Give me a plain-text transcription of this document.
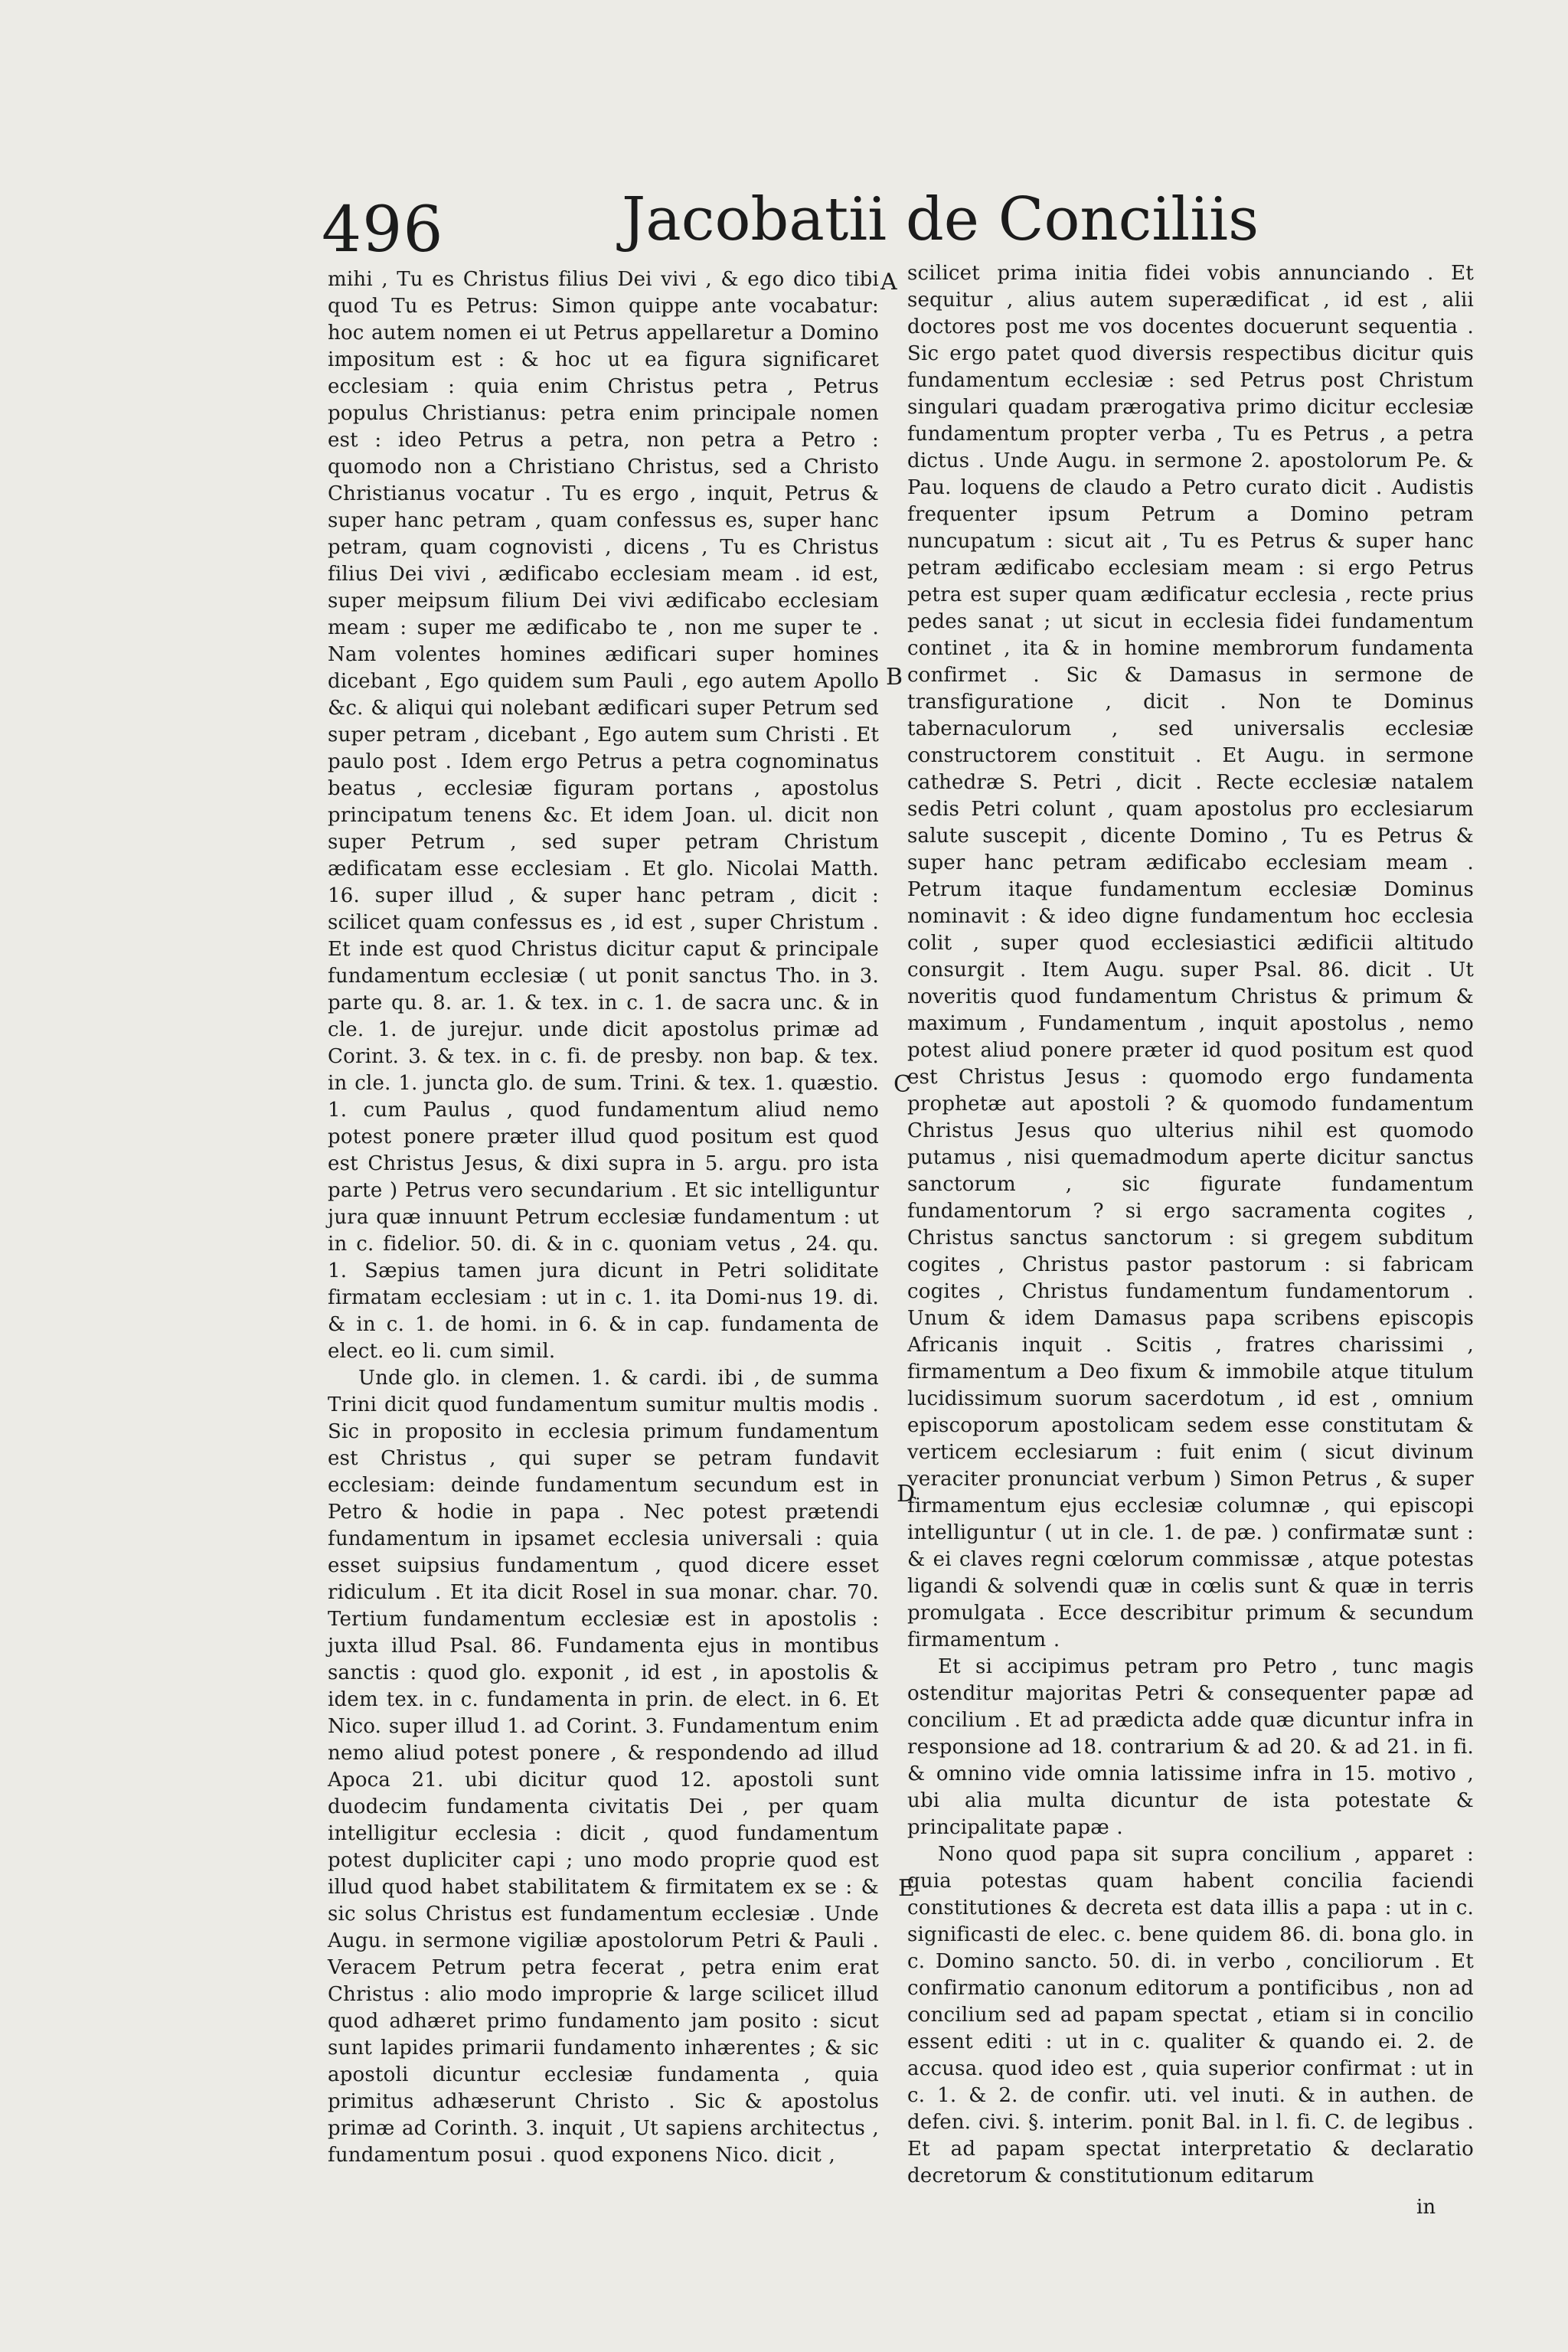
496	Jacobatii de Conciliis

mihi , Tu es Christus filius Dei vivi , & ego dico tibi quod Tu es Petrus: Simon quippe ante vocabatur: hoc autem nomen ei ut Petrus appellaretur a Domino impositum est : & hoc ut ea figura significaret ecclesiam : quia enim Christus petra , Petrus populus Christianus: petra enim principale nomen est : ideo Petrus a petra, non petra a Petro : quomodo non a Christiano Christus, sed a Christo Christianus vocatur . Tu es ergo , inquit, Petrus & super hanc petram , quam confessus es, super hanc petram, quam cognovisti , dicens , Tu es Christus filius Dei vivi , ædificabo ecclesiam meam . id est, super meipsum filium Dei vivi ædificabo ecclesiam meam : super me ædificabo te , non me super te . Nam volentes homines ædificari super homines dicebant , Ego quidem sum Pauli , ego autem Apollo &c. & aliqui qui nolebant ædificari super Petrum sed super petram , dicebant , Ego autem sum Christi . Et paulo post . Idem ergo Petrus a petra cognominatus beatus , ecclesiæ figuram portans , apostolus principatum tenens &c. Et idem Joan. ul. dicit non super Petrum , sed super petram Christum ædificatam esse ecclesiam . Et glo. Nicolai Matth. 16. super illud , & super hanc petram , dicit : scilicet quam confessus es , id est , super Christum . Et inde est quod Christus dicitur caput & principale fundamentum ecclesiæ ( ut ponit sanctus Tho. in 3. parte qu. 8. ar. 1. & tex. in c. 1. de sacra unc. & in cle. 1. de jurejur. unde dicit apostolus primæ ad Corint. 3. & tex. in c. fi. de presby. non bap. & tex. in cle. 1. juncta glo. de sum. Trini. & tex. 1. quæstio. 1. cum Paulus , quod fundamentum aliud nemo potest ponere præter illud quod positum est quod est Christus Jesus, & dixi supra in 5. argu. pro ista parte ) Petrus vero secundarium . Et sic intelliguntur jura quæ innuunt Petrum ecclesiæ fundamentum : ut in c. fidelior. 50. di. & in c. quoniam vetus , 24. qu. 1. Sæpius tamen jura dicunt in Petri soliditate firmatam ecclesiam : ut in c. 1. ita Domi-nus 19. di. & in c. 1. de homi. in 6. & in cap. fundamenta de elect. eo li. cum simil.

Unde glo. in clemen. 1. & cardi. ibi , de summa Trini dicit quod fundamentum sumitur multis modis . Sic in proposito in ecclesia primum fundamentum est Christus , qui super se petram fundavit ecclesiam: deinde fundamentum secundum est in Petro & hodie in papa . Nec potest prætendi fundamentum in ipsamet ecclesia universali : quia esset suipsius fundamentum , quod dicere esset ridiculum . Et ita dicit Rosel in sua monar. char. 70. Tertium fundamentum ecclesiæ est in apostolis : juxta illud Psal. 86. Fundamenta ejus in montibus sanctis : quod glo. exponit , id est , in apostolis & idem tex. in c. fundamenta in prin. de elect. in 6. Et Nico. super illud 1. ad Corint. 3. Fundamentum enim nemo aliud potest ponere , & respondendo ad illud Apoca 21. ubi dicitur quod 12. apostoli sunt duodecim fundamenta civitatis Dei , per quam intelligitur ecclesia : dicit , quod fundamentum potest dupliciter capi ; uno modo proprie quod est illud quod habet stabilitatem & firmitatem ex se : & sic solus Christus est fundamentum ecclesiæ . Unde Augu. in sermone vigiliæ apostolorum Petri & Pauli . Veracem Petrum petra fecerat , petra enim erat Christus : alio modo improprie & large scilicet illud quod adhæret primo fundamento jam posito : sicut sunt lapides primarii fundamento inhærentes ; & sic apostoli dicuntur ecclesiæ fundamenta , quia primitus adhæserunt Christo . Sic & apostolus primæ ad Corinth. 3. inquit , Ut sapiens architectus , fundamentum posui . quod exponens Nico. dicit ,

A
B
C
D
E

scilicet prima initia fidei vobis annunciando . Et sequitur , alius autem superædificat , id est , alii doctores post me vos docentes docuerunt sequentia . Sic ergo patet quod diversis respectibus dicitur quis fundamentum ecclesiæ : sed Petrus post Christum singulari quadam prærogativa primo dicitur ecclesiæ fundamentum propter verba , Tu es Petrus , a petra dictus . Unde Augu. in sermone 2. apostolorum Pe. & Pau. loquens de claudo a Petro curato dicit . Audistis frequenter ipsum Petrum a Domino petram nuncupatum : sicut ait , Tu es Petrus & super hanc petram ædificabo ecclesiam meam : si ergo Petrus petra est super quam ædificatur ecclesia , recte prius pedes sanat ; ut sicut in ecclesia fidei fundamentum continet , ita & in homine membrorum fundamenta confirmet . Sic & Damasus in sermone de transfiguratione , dicit . Non te Dominus tabernaculorum , sed universalis ecclesiæ constructorem constituit . Et Augu. in sermone cathedræ S. Petri , dicit . Recte ecclesiæ natalem sedis Petri colunt , quam apostolus pro ecclesiarum salute suscepit , dicente Domino , Tu es Petrus & super hanc petram ædificabo ecclesiam meam . Petrum itaque fundamentum ecclesiæ Dominus nominavit : & ideo digne fundamentum hoc ecclesia colit , super quod ecclesiastici ædificii altitudo consurgit . Item Augu. super Psal. 86. dicit . Ut noveritis quod fundamentum Christus & primum & maximum , Fundamentum , inquit apostolus , nemo potest aliud ponere præter id quod positum est quod est Christus Jesus : quomodo ergo fundamenta prophetæ aut apostoli ? & quomodo fundamentum Christus Jesus quo ulterius nihil est quomodo putamus , nisi quemadmodum aperte dicitur sanctus sanctorum , sic figurate fundamentum fundamentorum ? si ergo sacramenta cogites , Christus sanctus sanctorum : si gregem subditum cogites , Christus pastor pastorum : si fabricam cogites , Christus fundamentum fundamentorum . Unum & idem Damasus papa scribens episcopis Africanis inquit . Scitis , fratres charissimi , firmamentum a Deo fixum & immobile atque titulum lucidissimum suorum sacerdotum , id est , omnium episcoporum apostolicam sedem esse constitutam & verticem ecclesiarum : fuit enim ( sicut divinum veraciter pronunciat verbum ) Simon Petrus , & super firmamentum ejus ecclesiæ columnæ , qui episcopi intelliguntur ( ut in cle. 1. de pæ. ) confirmatæ sunt : & ei claves regni cœlorum commissæ , atque potestas ligandi & solvendi quæ in cœlis sunt & quæ in terris promulgata . Ecce describitur primum & secundum firmamentum .

Et si accipimus petram pro Petro , tunc magis ostenditur majoritas Petri & consequenter papæ ad concilium . Et ad prædicta adde quæ dicuntur infra in responsione ad 18. contrarium & ad 20. & ad 21. in fi. & omnino vide omnia latissime infra in 15. motivo , ubi alia multa dicuntur de ista potestate & principalitate papæ .

Nono quod papa sit supra concilium , apparet : quia potestas quam habent concilia faciendi constitutiones & decreta est data illis a papa : ut in c. significasti de elec. c. bene quidem 86. di. bona glo. in c. Domino sancto. 50. di. in verbo , conciliorum . Et confirmatio canonum editorum a pontificibus , non ad concilium sed ad papam spectat , etiam si in concilio essent editi : ut in c. qualiter & quando ei. 2. de accusa. quod ideo est , quia superior confirmat : ut in c. 1. & 2. de confir. uti. vel inuti. & in authen. de defen. civi. §. interim. ponit Bal. in l. fi. C. de legibus . Et ad papam spectat interpretatio & declaratio decretorum & constitutionum editarum

in
